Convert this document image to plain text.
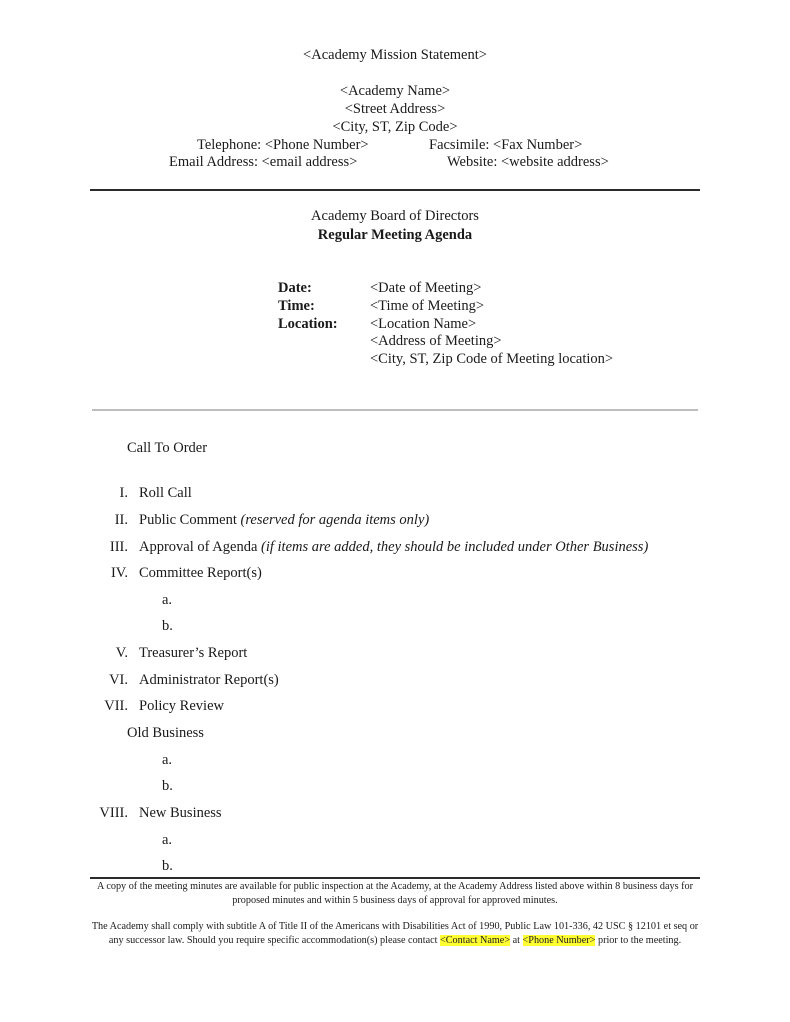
<Academy Mission Statement>
<Academy Name>
<Street Address>
<City, ST, Zip Code>
Telephone: <Phone Number>	Facsimile: <Fax Number>
Email Address: <email address>	Website: <website address>
Academy Board of Directors
Regular Meeting Agenda
Date:	<Date of Meeting>
Time:	<Time of Meeting>
Location: <Location Name>
<Address of Meeting>
<City, ST, Zip Code of Meeting location>
Call To Order
I. Roll Call
II. Public Comment (reserved for agenda items only)
III. Approval of Agenda (if items are added, they should be included under Other Business)
IV. Committee Report(s)
a.
b.
V. Treasurer’s Report
VI. Administrator Report(s)
VII. Policy Review
Old Business
a.
b.
VIII. New Business
a.
b.
A copy of the meeting minutes are available for public inspection at the Academy, at the Academy Address listed above within 8 business days for proposed minutes and within 5 business days of approval for approved minutes.
The Academy shall comply with subtitle A of Title II of the Americans with Disabilities Act of 1990, Public Law 101-336, 42 USC § 12101 et seq or any successor law. Should you require specific accommodation(s) please contact <Contact Name> at <Phone Number> prior to the meeting.
